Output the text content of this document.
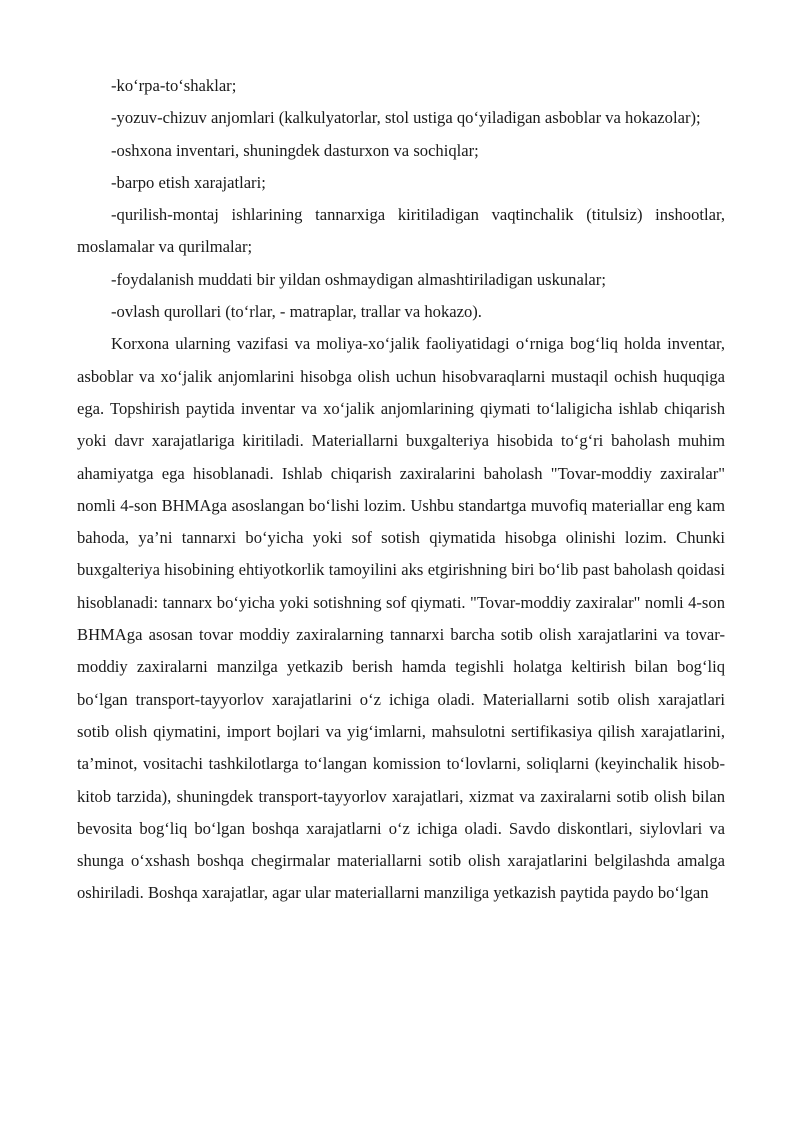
-ko‘rpa-to‘shaklar;

-yozuv-chizuv anjomlari (kalkulyatorlar, stol ustiga qo‘yiladigan asboblar va hokazolar);

-oshxona inventari, shuningdek dasturxon va sochiqlar;

-barpo etish xarajatlari;

-qurilish-montaj ishlarining tannarxiga kiritiladigan vaqtinchalik (titulsiz) inshootlar, moslamalar va qurilmalar;

-foydalanish muddati bir yildan oshmaydigan almashtiriladigan uskunalar;

-ovlash qurollari (to‘rlar, - matraplar, trallar va hokazo).

Korxona ularning vazifasi va moliya-xo‘jalik faoliyatidagi o‘rniga bog‘liq holda inventar, asboblar va xo‘jalik anjomlarini hisobga olish uchun hisobvaraqlarni mustaqil ochish huquqiga ega. Topshirish paytida inventar va xo‘jalik anjomlarining qiymati to‘laligicha ishlab chiqarish yoki davr xarajatlariga kiritiladi. Materiallarni buxgalteriya hisobida to‘g‘ri baholash muhim ahamiyatga ega hisoblanadi. Ishlab chiqarish zaxiralarini baholash "Tovar-moddiy zaxiralar" nomli 4-son BHMAga asoslangan bo‘lishi lozim. Ushbu standartga muvofiq materiallar eng kam bahoda, ya’ni tannarxi bo‘yicha yoki sof sotish qiymatida hisobga olinishi lozim. Chunki buxgalteriya hisobining ehtiyotkorlik tamoyilini aks etgirishning biri bo‘lib past baholash qoidasi hisoblanadi: tannarx bo‘yicha yoki sotishning sof qiymati. "Tovar-moddiy zaxiralar" nomli 4-son BHMAga asosan tovar moddiy zaxiralarning tannarxi barcha sotib olish xarajatlarini va tovar-moddiy zaxiralarni manzilga yetkazib berish hamda tegishli holatga keltirish bilan bog‘liq bo‘lgan transport-tayyorlov xarajatlarini o‘z ichiga oladi. Materiallarni sotib olish xarajatlari sotib olish qiymatini, import bojlari va yig‘imlarni, mahsulotni sertifikasiya qilish xarajatlarini, ta’minot, vositachi tashkilotlarga to‘langan komission to‘lovlarni, soliqlarni (keyinchalik hisob-kitob tarzida), shuningdek transport-tayyorlov xarajatlari, xizmat va zaxiralarni sotib olish bilan bevosita bog‘liq bo‘lgan boshqa xarajatlarni o‘z ichiga oladi. Savdo diskontlari, siylovlari va shunga o‘xshash boshqa chegirmalar materiallarni sotib olish xarajatlarini belgilashda amalga oshiriladi. Boshqa xarajatlar, agar ular materiallarni manziliga yetkazish paytida paydo bo‘lgan
